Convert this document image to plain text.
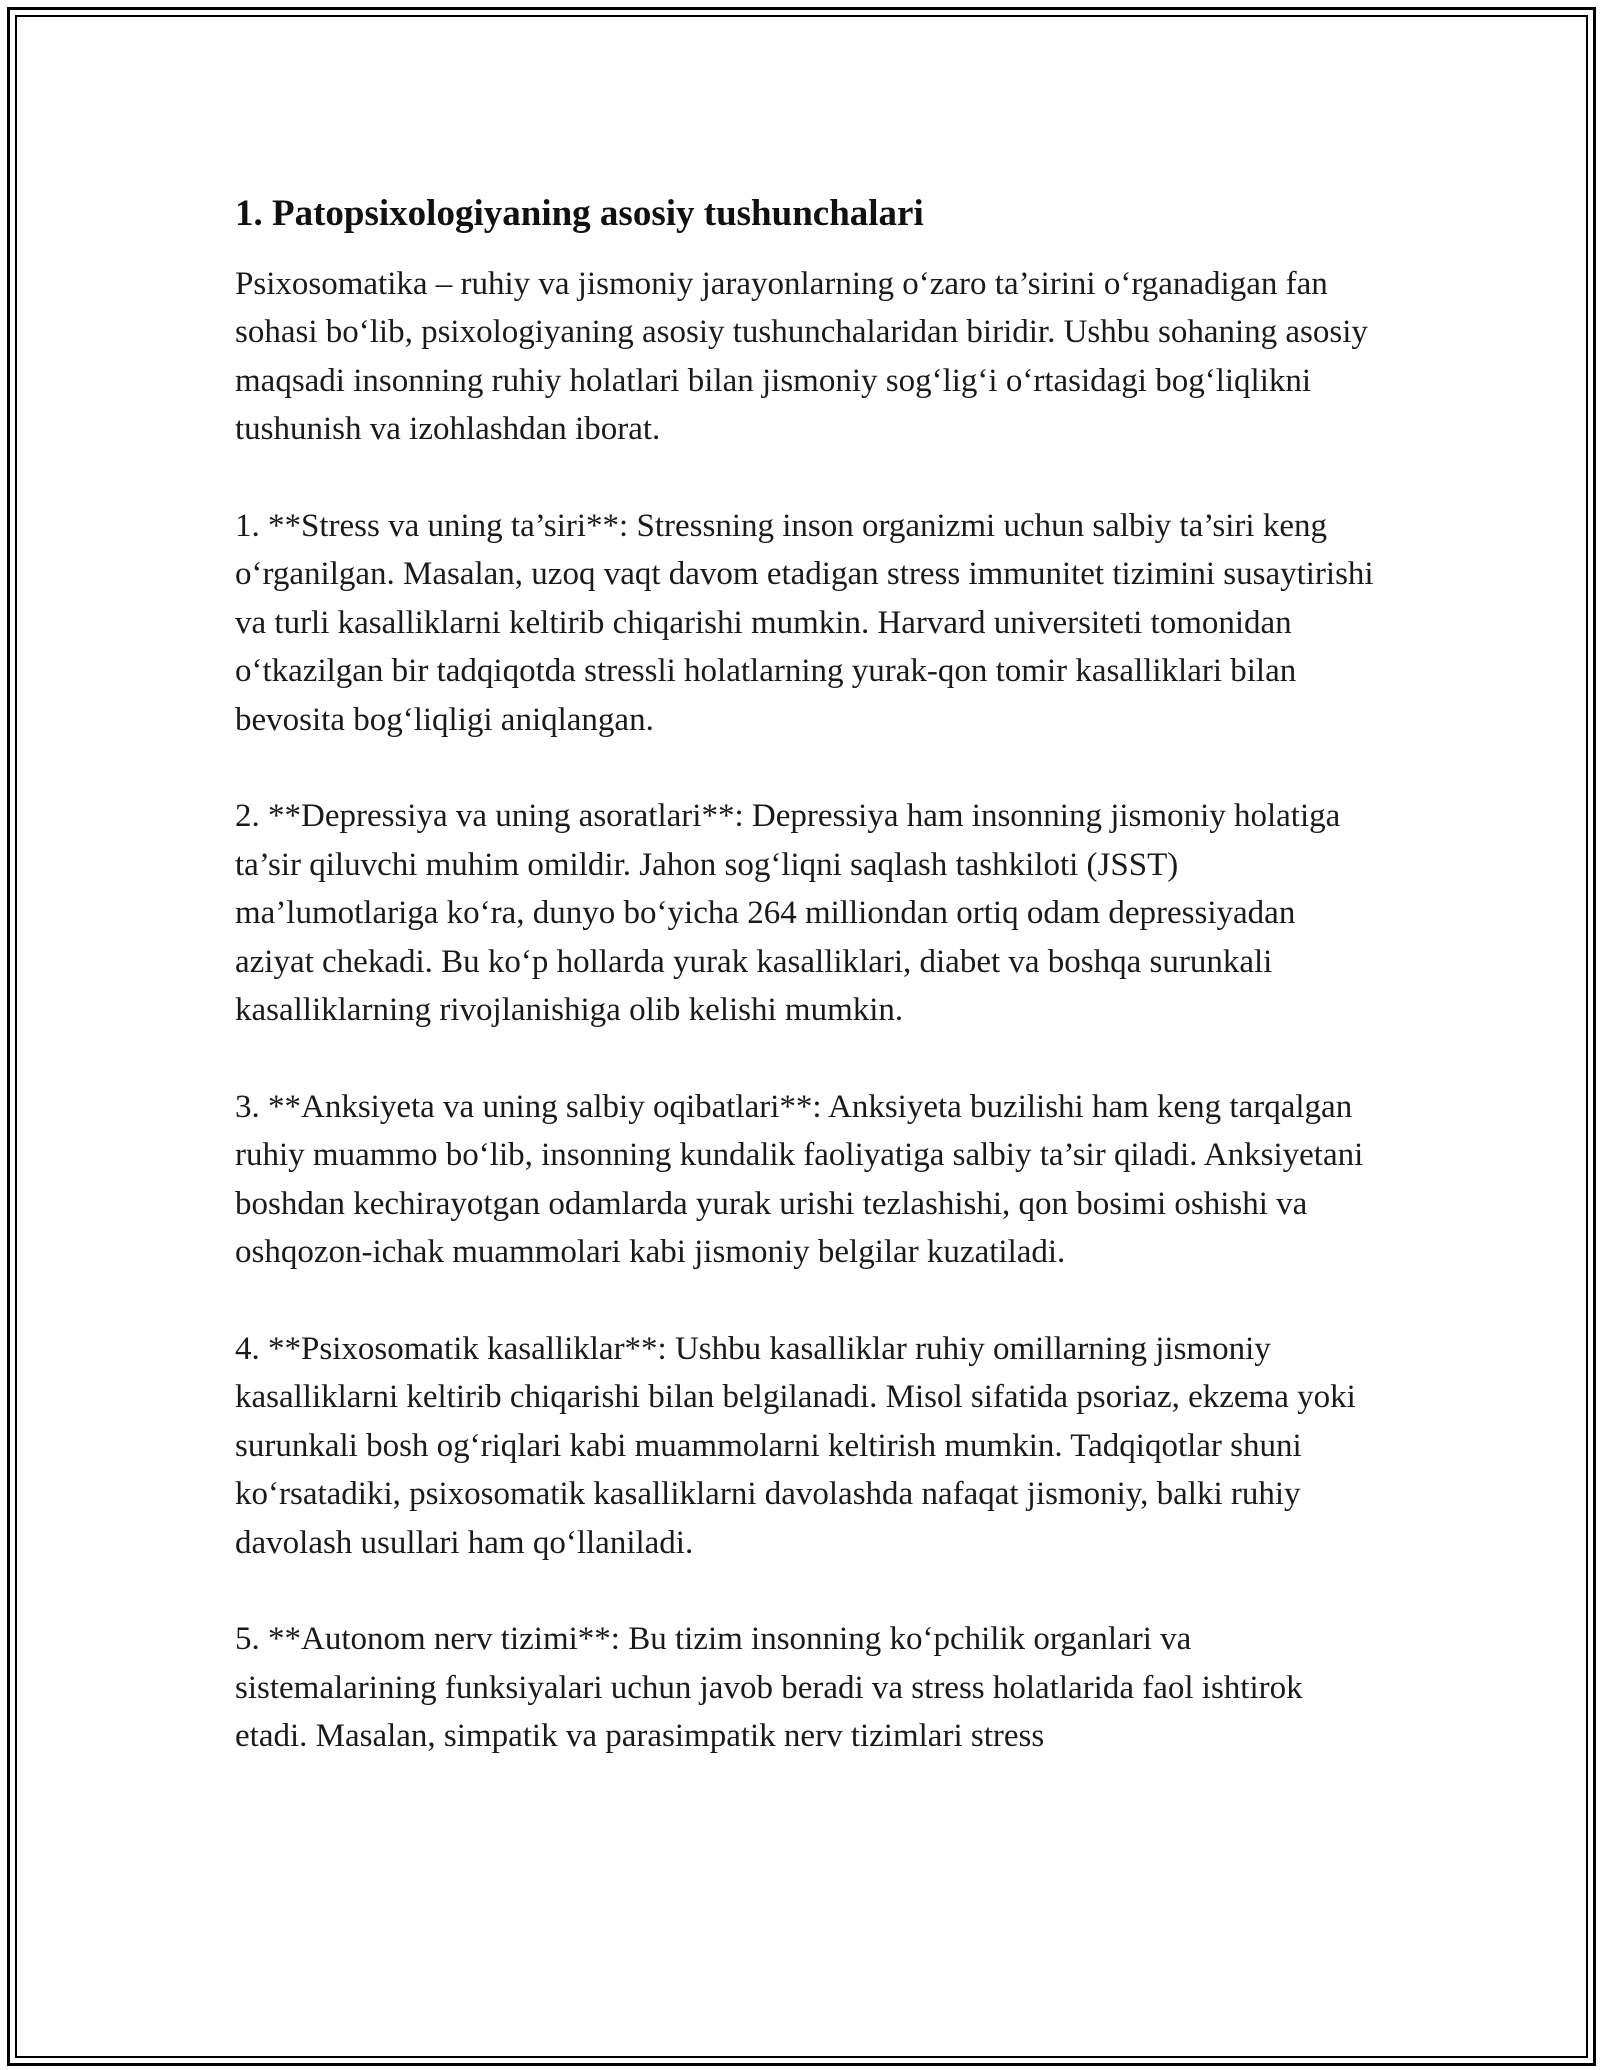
1. Patopsixologiyaning asosiy tushunchalari

Psixosomatika – ruhiy va jismoniy jarayonlarning o‘zaro ta’sirini o‘rganadigan fan sohasi bo‘lib, psixologiyaning asosiy tushunchalaridan biridir. Ushbu sohaning asosiy maqsadi insonning ruhiy holatlari bilan jismoniy sog‘lig‘i o‘rtasidagi bog‘liqlikni tushunish va izohlashdan iborat.

1. **Stress va uning ta’siri**: Stressning inson organizmi uchun salbiy ta’siri keng o‘rganilgan. Masalan, uzoq vaqt davom etadigan stress immunitet tizimini susaytirishi va turli kasalliklarni keltirib chiqarishi mumkin. Harvard universiteti tomonidan o‘tkazilgan bir tadqiqotda stressli holatlarning yurak-qon tomir kasalliklari bilan bevosita bog‘liqligi aniqlangan.

2. **Depressiya va uning asoratlari**: Depressiya ham insonning jismoniy holatiga ta’sir qiluvchi muhim omildir. Jahon sog‘liqni saqlash tashkiloti (JSST) ma’lumotlariga ko‘ra, dunyo bo‘yicha 264 milliondan ortiq odam depressiyadan aziyat chekadi. Bu ko‘p hollarda yurak kasalliklari, diabet va boshqa surunkali kasalliklarning rivojlanishiga olib kelishi mumkin.

3. **Anksiyeta va uning salbiy oqibatlari**: Anksiyeta buzilishi ham keng tarqalgan ruhiy muammo bo‘lib, insonning kundalik faoliyatiga salbiy ta’sir qiladi. Anksiyetani boshdan kechirayotgan odamlarda yurak urishi tezlashishi, qon bosimi oshishi va oshqozon-ichak muammolari kabi jismoniy belgilar kuzatiladi.

4. **Psixosomatik kasalliklar**: Ushbu kasalliklar ruhiy omillarning jismoniy kasalliklarni keltirib chiqarishi bilan belgilanadi. Misol sifatida psoriaz, ekzema yoki surunkali bosh og‘riqlari kabi muammolarni keltirish mumkin. Tadqiqotlar shuni ko‘rsatadiki, psixosomatik kasalliklarni davolashda nafaqat jismoniy, balki ruhiy davolash usullari ham qo‘llaniladi.

5. **Autonom nerv tizimi**: Bu tizim insonning ko‘pchilik organlari va sistemalarining funksiyalari uchun javob beradi va stress holatlarida faol ishtirok etadi. Masalan, simpatik va parasimpatik nerv tizimlari stress
